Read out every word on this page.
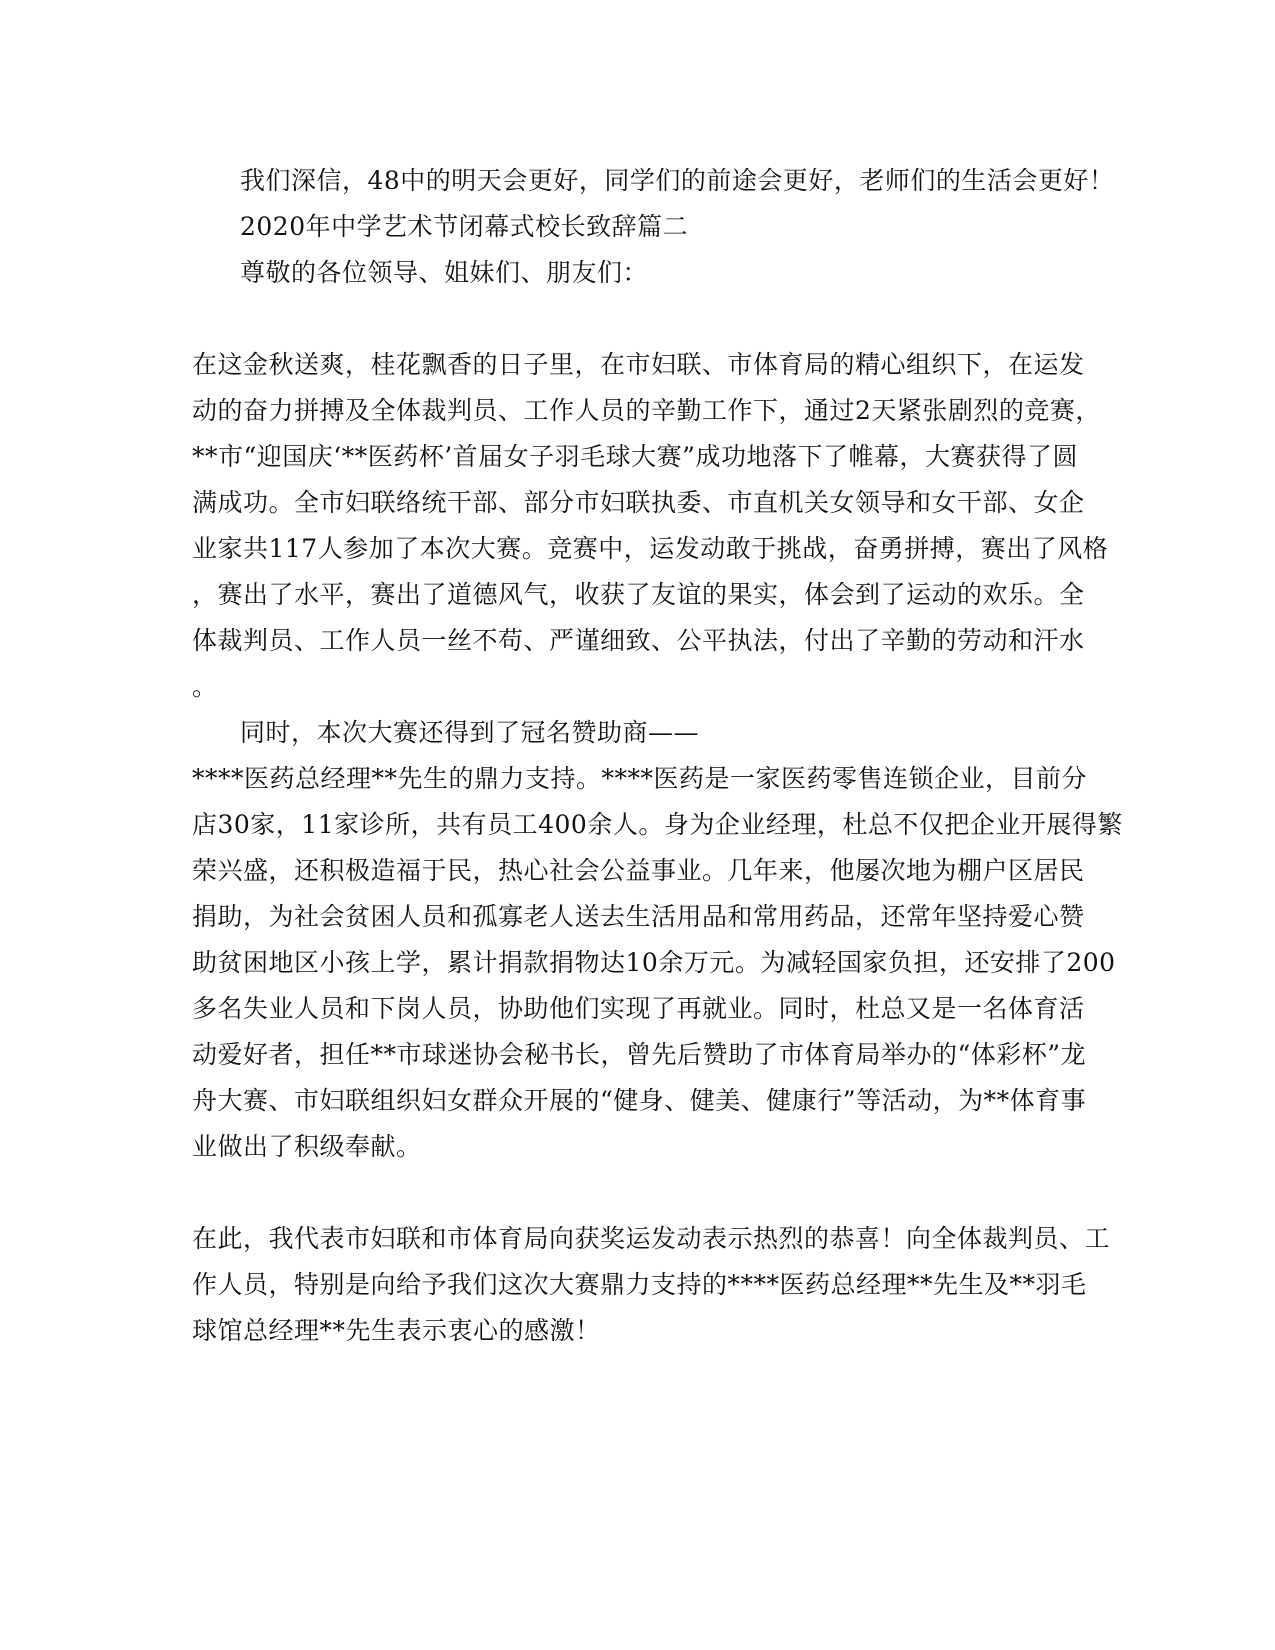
我们深信，48中的明天会更好，同学们的前途会更好，老师们的生活会更好！
2020年中学艺术节闭幕式校长致辞篇二
尊敬的各位领导、姐妹们、朋友们：
在这金秋送爽，桂花飘香的日子里，在市妇联、市体育局的精心组织下，在运发
动的奋力拼搏及全体裁判员、工作人员的辛勤工作下，通过2天紧张剧烈的竞赛，
**市“迎国庆‘**医药杯’首届女子羽毛球大赛”成功地落下了帷幕，大赛获得了圆
满成功。全市妇联络统干部、部分市妇联执委、市直机关女领导和女干部、女企
业家共117人参加了本次大赛。竞赛中，运发动敢于挑战，奋勇拼搏，赛出了风格
，赛出了水平，赛出了道德风气，收获了友谊的果实，体会到了运动的欢乐。全
体裁判员、工作人员一丝不苟、严谨细致、公平执法，付出了辛勤的劳动和汗水
。
同时，本次大赛还得到了冠名赞助商——
****医药总经理**先生的鼎力支持。****医药是一家医药零售连锁企业，目前分
店30家，11家诊所，共有员工400余人。身为企业经理，杜总不仅把企业开展得繁
荣兴盛，还积极造福于民，热心社会公益事业。几年来，他屡次地为棚户区居民
捐助，为社会贫困人员和孤寡老人送去生活用品和常用药品，还常年坚持爱心赞
助贫困地区小孩上学，累计捐款捐物达10余万元。为减轻国家负担，还安排了200
多名失业人员和下岗人员，协助他们实现了再就业。同时，杜总又是一名体育活
动爱好者，担任**市球迷协会秘书长，曾先后赞助了市体育局举办的“体彩杯”龙
舟大赛、市妇联组织妇女群众开展的“健身、健美、健康行”等活动，为**体育事
业做出了积级奉献。
在此，我代表市妇联和市体育局向获奖运发动表示热烈的恭喜！向全体裁判员、工
作人员，特别是向给予我们这次大赛鼎力支持的****医药总经理**先生及**羽毛
球馆总经理**先生表示衷心的感激！
